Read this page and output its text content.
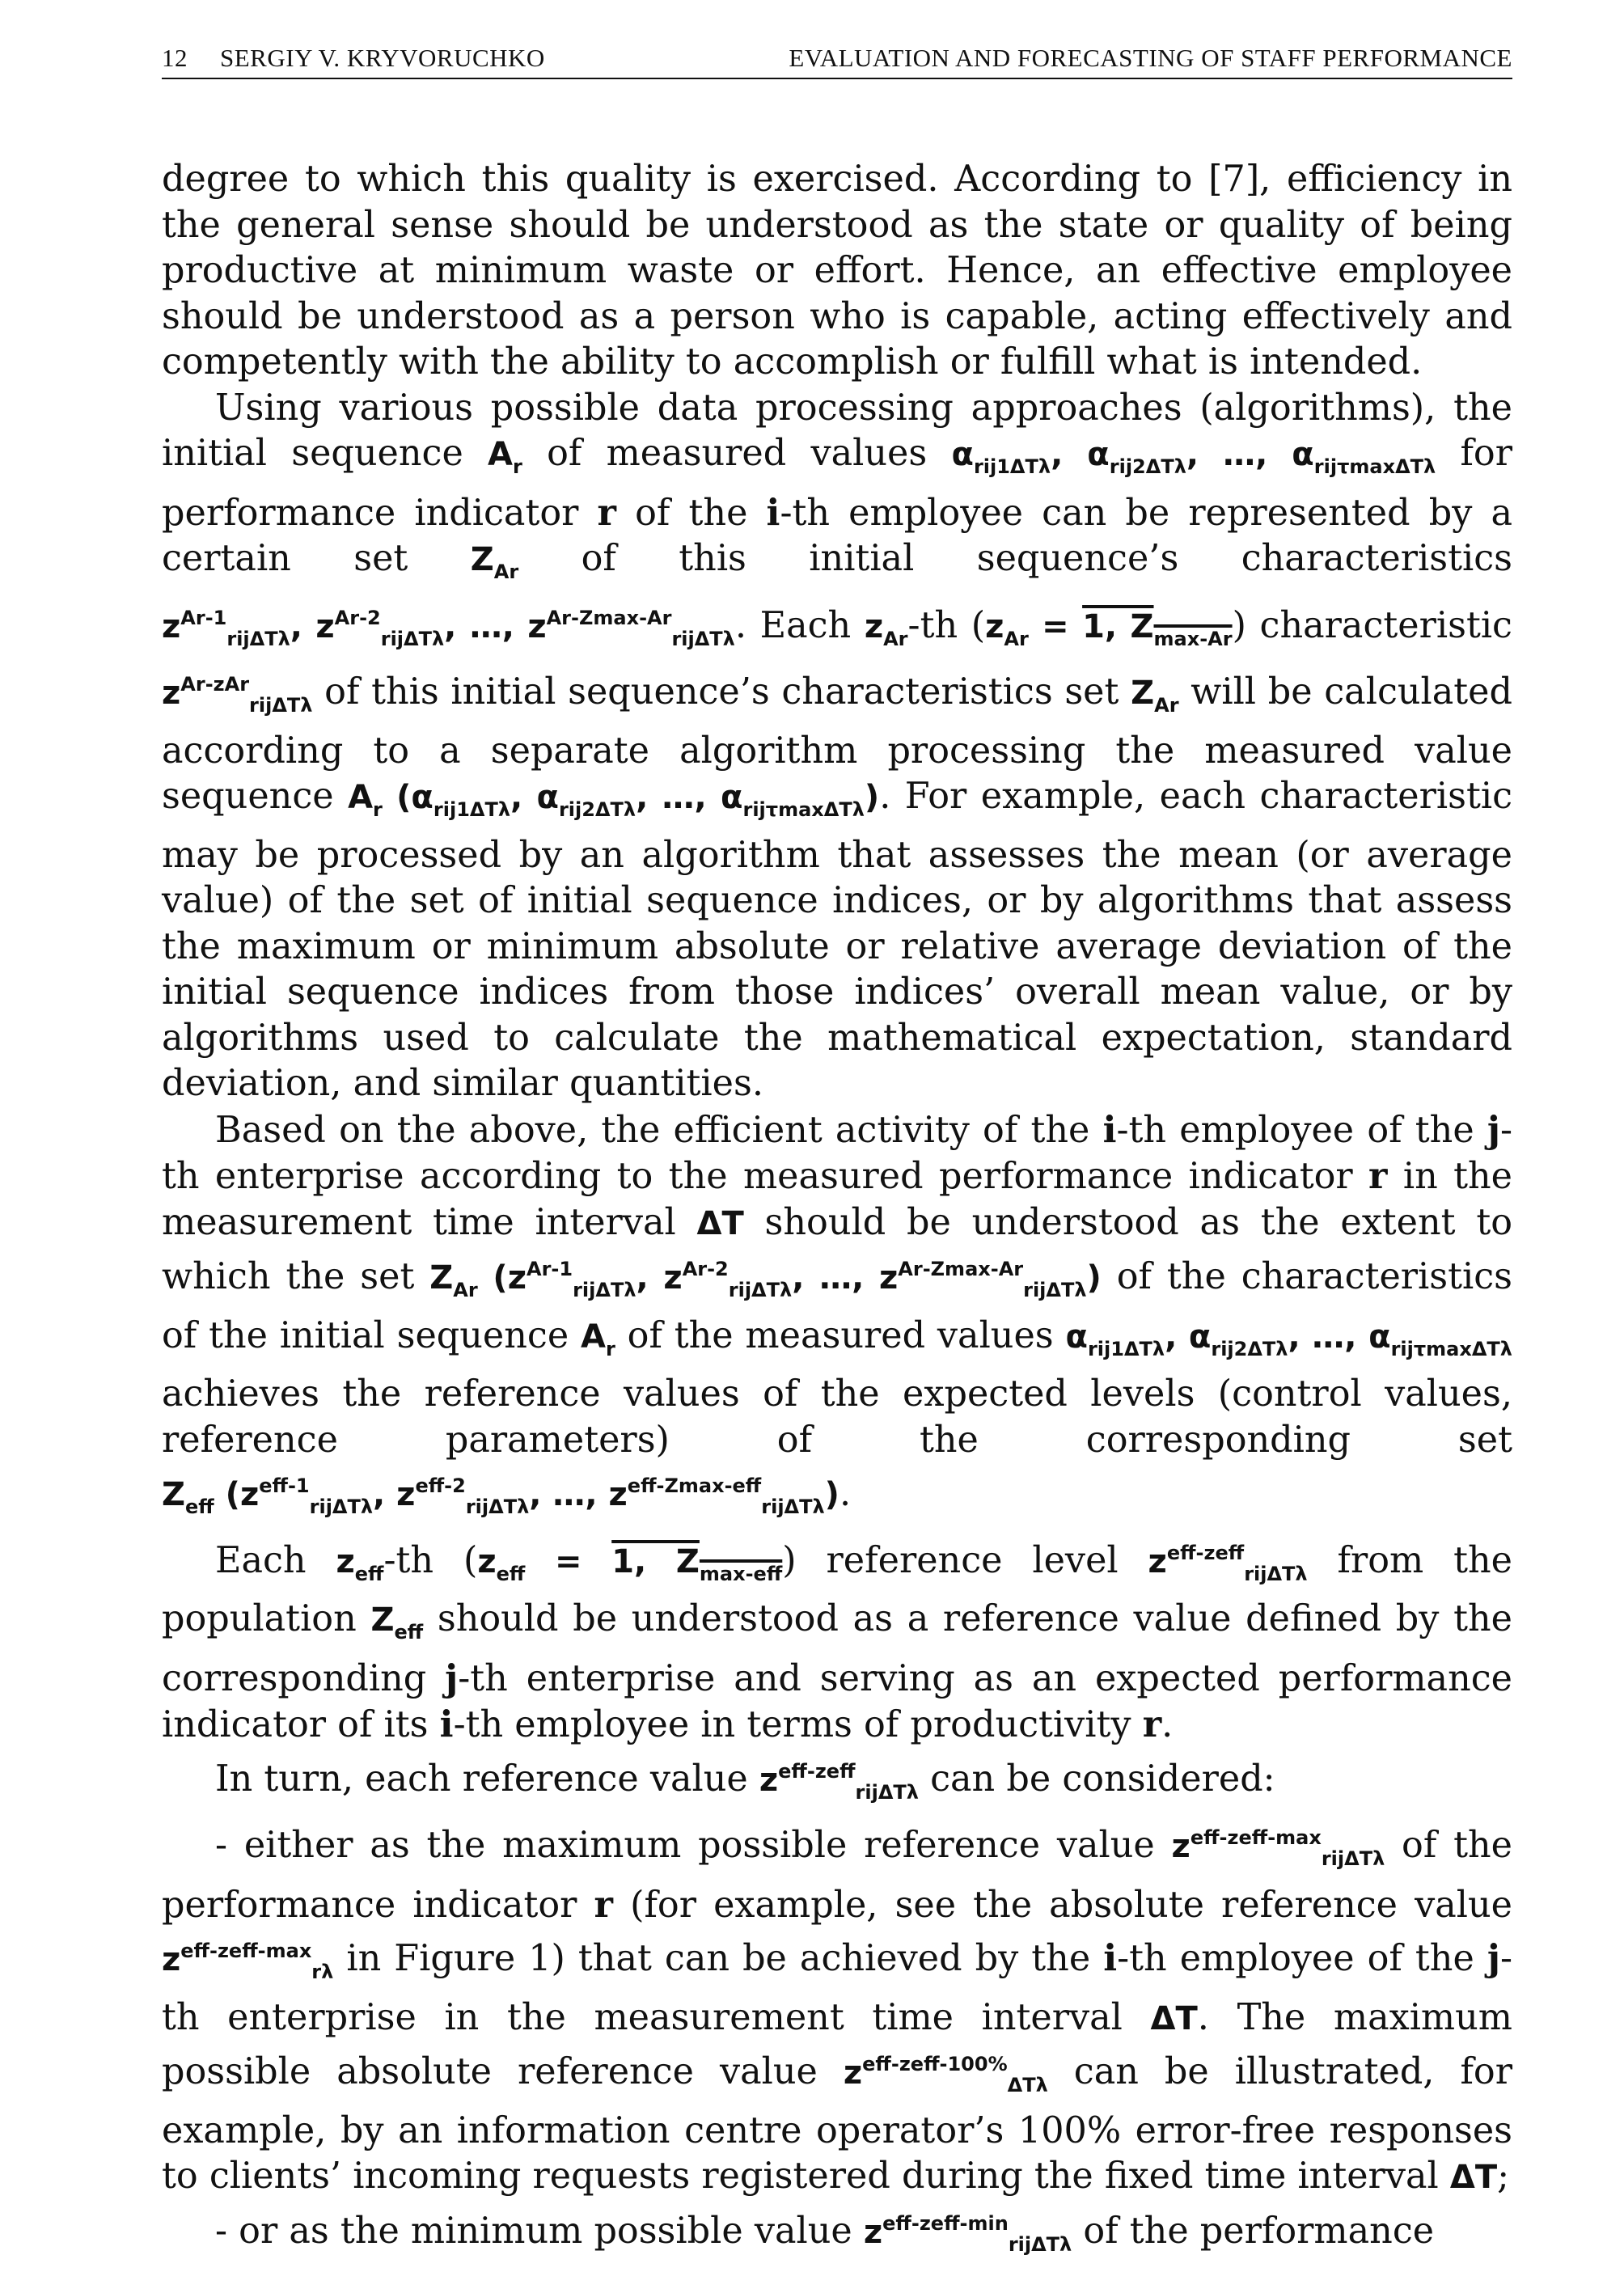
12 SERGIY V. KRYVORUCHKO	EVALUATION AND FORECASTING OF STAFF PERFORMANCE

degree to which this quality is exercised. According to [7], efficiency in the general sense should be understood as the state or quality of being productive at minimum waste or effort. Hence, an effective employee should be understood as a person who is capable, acting effectively and competently with the ability to accomplish or fulfill what is intended.

Using various possible data processing approaches (algorithms), the initial sequence $A_r$ of measured values $\alpha_{rij1\Delta T\lambda}$, $\alpha_{rij2\Delta T\lambda}$, …, $\alpha_{rij\tau max\Delta T\lambda}$ for performance indicator r of the i-th employee can be represented by a certain set $Z_{Ar}$ of this initial sequence’s characteristics $z^{Ar-1}_{rij\Delta T\lambda}$, $z^{Ar-2}_{rij\Delta T\lambda}$, …, $z^{Ar-Zmax-Ar}_{rij\Delta T\lambda}$. Each $z_{Ar}-th$ ($z_{Ar} = 1$, $Z_{max-Ar}$) characteristic $z^{Ar-zAr}_{rij\Delta T\lambda}$ of this initial sequence’s characteristics set $Z_{Ar}$ will be calculated according to a separate algorithm processing the measured value sequence $A_r$ ($\alpha_{rij1\Delta T\lambda}$, $\alpha_{rij2\Delta T\lambda}$, …, $\alpha_{rij\tau max\Delta T\lambda}$). For example, each characteristic may be processed by an algorithm that assesses the mean (or average value) of the set of initial sequence indices, or by algorithms that assess the maximum or minimum absolute or relative average deviation of the initial sequence indices from those indices’ overall mean value, or by algorithms used to calculate the mathematical expectation, standard deviation, and similar quantities.

Based on the above, the efficient activity of the i-th employee of the j-th enterprise according to the measured performance indicator r in the measurement time interval ΔT should be understood as the extent to which the set $Z_{Ar}$ ($z^{Ar-1}_{rij\Delta T\lambda}$, $z^{Ar-2}_{rij\Delta T\lambda}$, …, $z^{Ar-Zmax-Ar}_{rij\Delta T\lambda}$) of the characteristics of the initial sequence $A_r$ of the measured values $\alpha_{rij1\Delta T\lambda}$, $\alpha_{rij2\Delta T\lambda}$, …, $\alpha_{rij\tau max\Delta T\lambda}$ achieves the reference values of the expected levels (control values, reference parameters) of the corresponding set $Z_{eff}$ ($z^{eff-1}_{rij\Delta T\lambda}$, $z^{eff-2}_{rij\Delta T\lambda}$, …, $z^{eff-Zmax-eff}_{rij\Delta T\lambda}$).

Each $z_{eff}-th$ ($z_{eff} = 1$, $Z_{max-eff}$) reference level $z^{eff-zeff}_{rij\Delta T\lambda}$ from the population $Z_{eff}$ should be understood as a reference value defined by the corresponding j-th enterprise and serving as an expected performance indicator of its i-th employee in terms of productivity r.

In turn, each reference value $z^{eff-zeff}_{rij\Delta T\lambda}$ can be considered:

- either as the maximum possible reference value $z^{eff-zeff-max}_{rij\Delta T\lambda}$ of the performance indicator r (for example, see the absolute reference value $z^{eff-zeff-max}_{r\lambda}$ in Figure 1) that can be achieved by the i-th employee of the j-th enterprise in the measurement time interval ΔT. The maximum possible absolute reference value $z^{eff-zeff-100\%}_{\Delta T\lambda}$ can be illustrated, for example, by an information centre operator’s 100% error-free responses to clients’ incoming requests registered during the fixed time interval ΔT;

- or as the minimum possible value $z^{eff-zeff-min}_{rij\Delta T\lambda}$ of the performance
